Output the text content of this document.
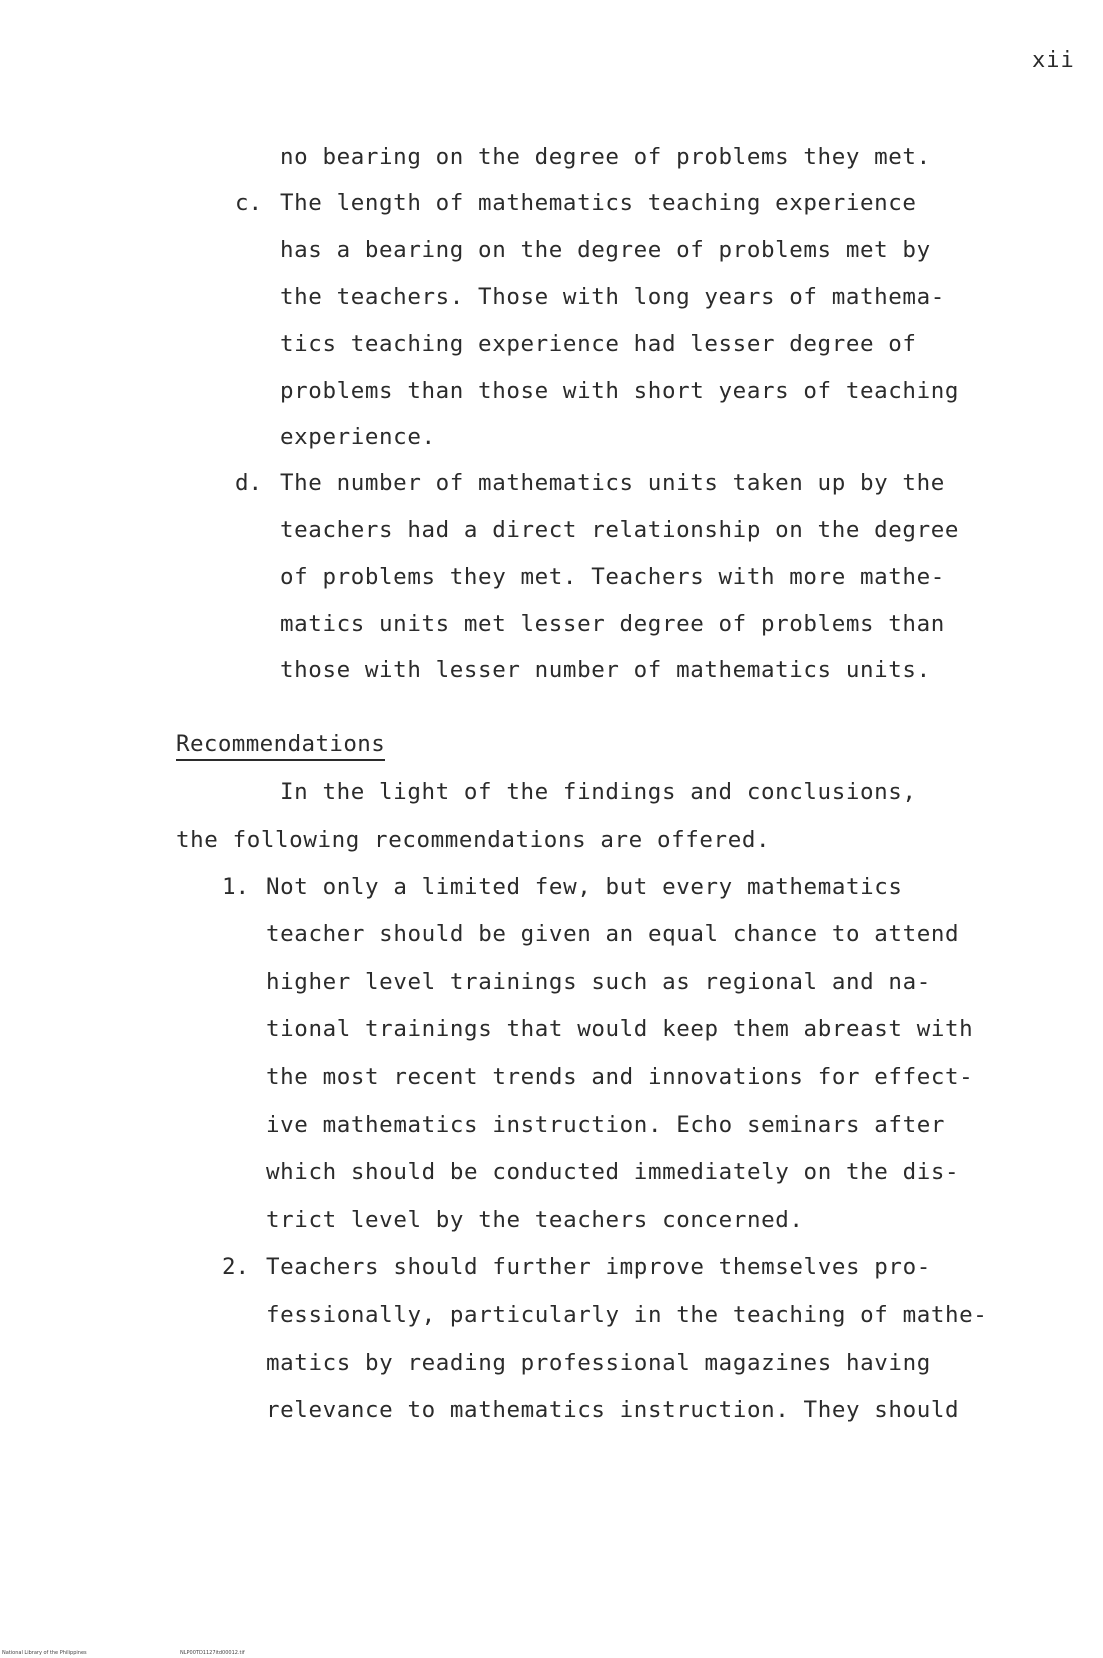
xii
no bearing on the degree of problems they met.
c. The length of mathematics teaching experience
has a bearing on the degree of problems met by
the teachers. Those with long years of mathema-
tics teaching experience had lesser degree of
problems than those with short years of teaching
experience.
d. The number of mathematics units taken up by the
teachers had a direct relationship on the degree
of problems they met. Teachers with more mathe-
matics units met lesser degree of problems than
those with lesser number of mathematics units.
Recommendations
In the light of the findings and conclusions,
the following recommendations are offered.
1. Not only a limited few, but every mathematics
teacher should be given an equal chance to attend
higher level trainings such as regional and na-
tional trainings that would keep them abreast with
the most recent trends and innovations for effect-
ive mathematics instruction. Echo seminars after
which should be conducted immediately on the dis-
trict level by the teachers concerned.
2. Teachers should further improve themselves pro-
fessionally, particularly in the teaching of mathe-
matics by reading professional magazines having
relevance to mathematics instruction. They should
National Library of the Philippines	NLP00TD1127itd00012.tif
